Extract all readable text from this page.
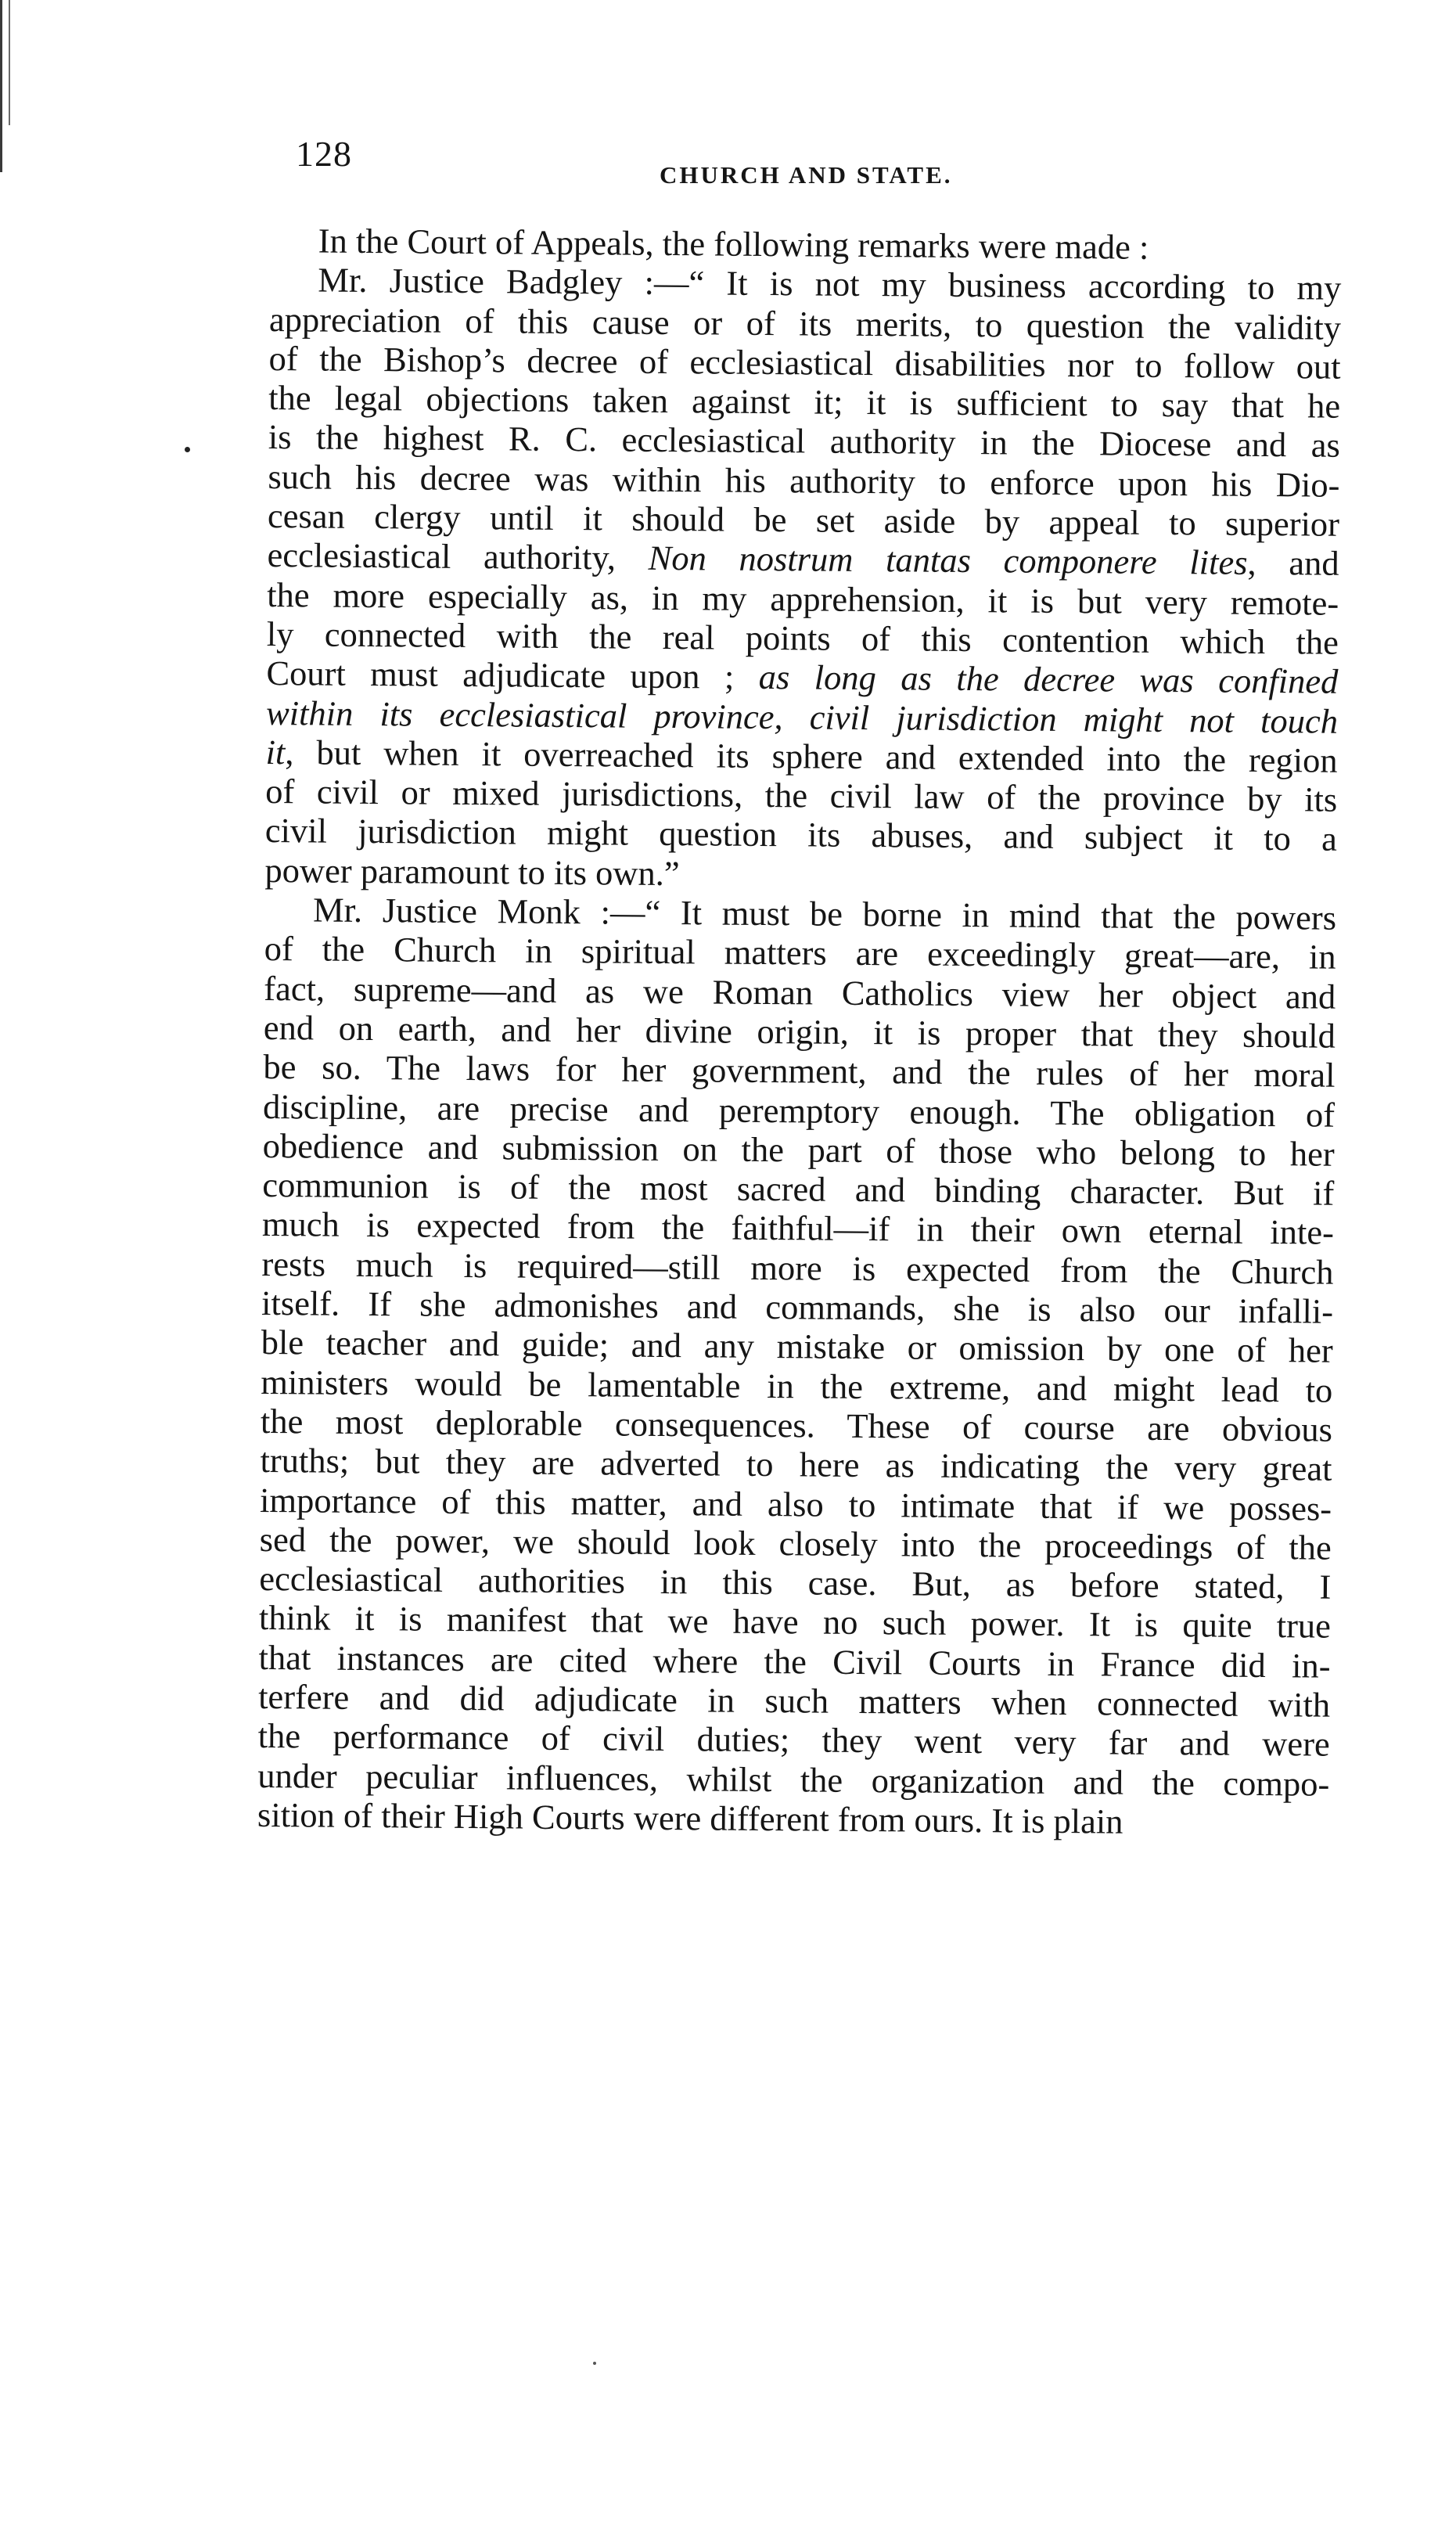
128
CHURCH AND STATE.
In the Court of Appeals, the following remarks were made :
Mr. Justice Badgley :—“ It is not my business according to my
appreciation of this cause or of its merits, to question the validity
of the Bishop’s decree of ecclesiastical disabilities nor to follow out
the legal objections taken against it; it is sufficient to say that he
is the highest R. C. ecclesiastical authority in the Diocese and as
such his decree was within his authority to enforce upon his Dio-
cesan clergy until it should be set aside by appeal to superior
ecclesiastical authority, Non nostrum tantas componere lites, and
the more especially as, in my apprehension, it is but very remote-
ly connected with the real points of this contention which the
Court must adjudicate upon ; as long as the decree was confined
within its ecclesiastical province, civil jurisdiction might not touch
it, but when it overreached its sphere and extended into the region
of civil or mixed jurisdictions, the civil law of the province by its
civil jurisdiction might question its abuses, and subject it to a
power paramount to its own.”
Mr. Justice Monk :—“ It must be borne in mind that the powers
of the Church in spiritual matters are exceedingly great—are, in
fact, supreme—and as we Roman Catholics view her object and
end on earth, and her divine origin, it is proper that they should
be so. The laws for her government, and the rules of her moral
discipline, are precise and peremptory enough. The obligation of
obedience and submission on the part of those who belong to her
communion is of the most sacred and binding character. But if
much is expected from the faithful—if in their own eternal inte-
rests much is required—still more is expected from the Church
itself. If she admonishes and commands, she is also our infalli-
ble teacher and guide; and any mistake or omission by one of her
ministers would be lamentable in the extreme, and might lead to
the most deplorable consequences. These of course are obvious
truths; but they are adverted to here as indicating the very great
importance of this matter, and also to intimate that if we posses-
sed the power, we should look closely into the proceedings of the
ecclesiastical authorities in this case. But, as before stated, I
think it is manifest that we have no such power. It is quite true
that instances are cited where the Civil Courts in France did in-
terfere and did adjudicate in such matters when connected with
the performance of civil duties; they went very far and were
under peculiar influences, whilst the organization and the compo-
sition of their High Courts were different from ours. It is plain
